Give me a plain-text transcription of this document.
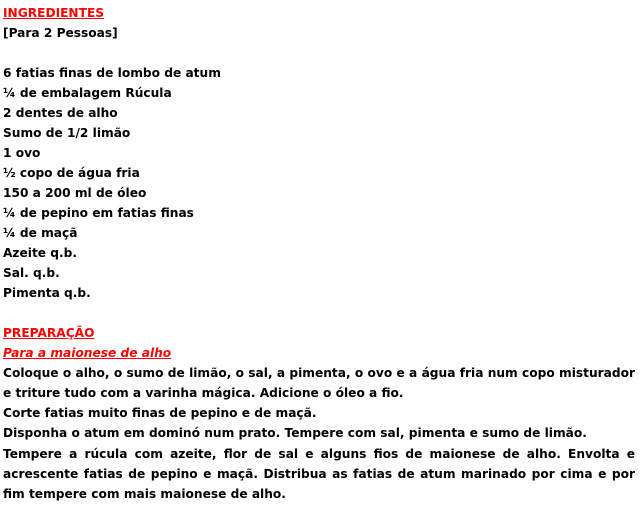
INGREDIENTES
[Para 2 Pessoas]
6 fatias finas de lombo de atum
¼ de embalagem Rúcula
2 dentes de alho
Sumo de 1/2 limão
1 ovo
½ copo de água fria
150 a 200 ml de óleo
¼ de pepino em fatias finas
¼ de maçã
Azeite q.b.
Sal. q.b.
Pimenta q.b.
PREPARAÇÃO
Para a maionese de alho
Coloque o alho, o sumo de limão, o sal, a pimenta, o ovo e a água fria num copo misturador e triture tudo com a varinha mágica. Adicione o óleo a fio.
Corte fatias muito finas de pepino e de maçã.
Disponha o atum em dominó num prato. Tempere com sal, pimenta e sumo de limão.
Tempere a rúcula com azeite, flor de sal e alguns fios de maionese de alho. Envolta e acrescente fatias de pepino e maçã. Distribua as fatias de atum marinado por cima e por fim tempere com mais maionese de alho.
